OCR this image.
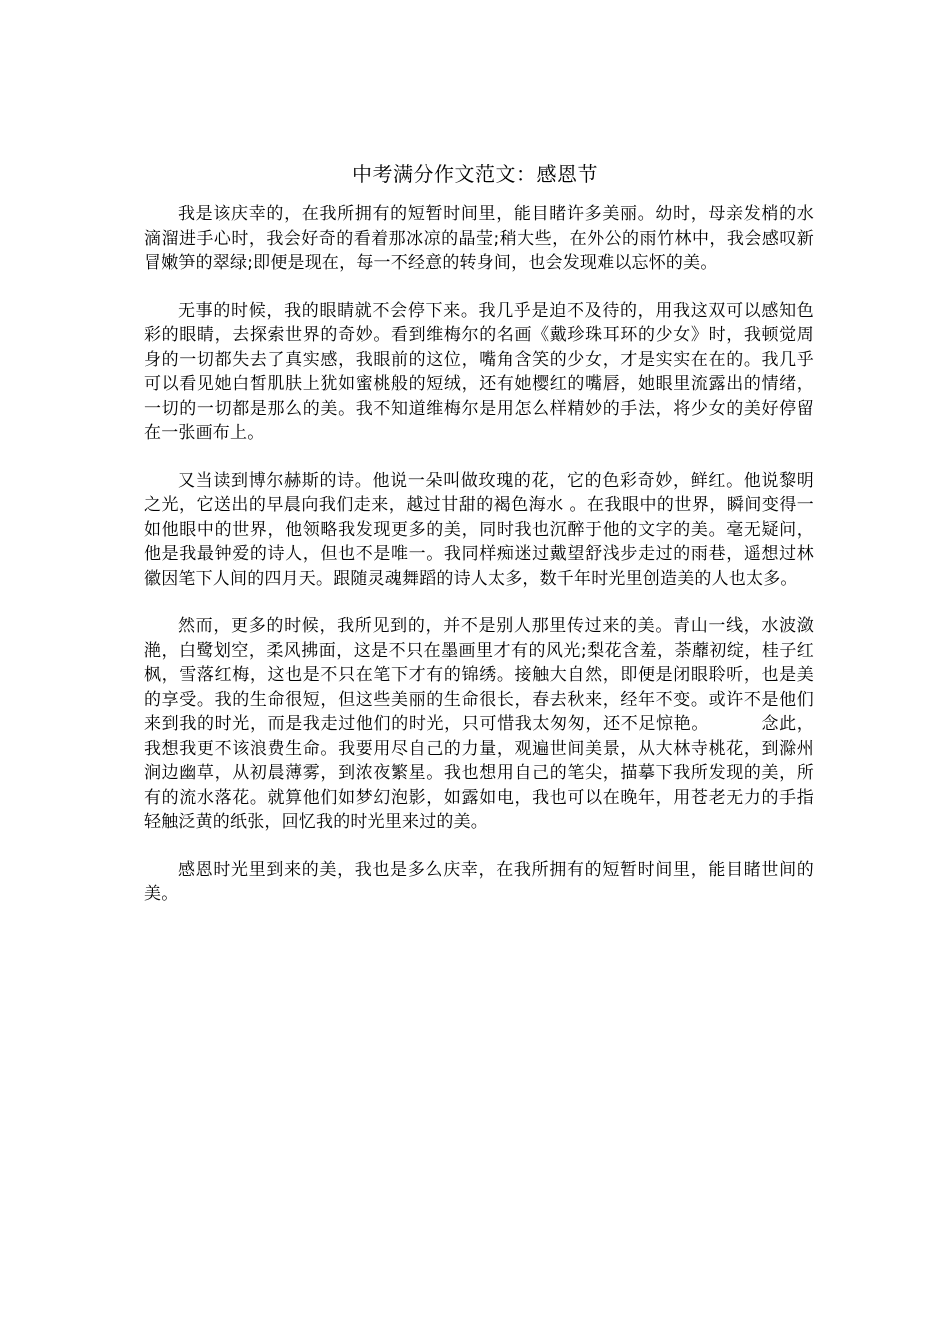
中考满分作文范文：感恩节

我是该庆幸的，在我所拥有的短暂时间里，能目睹许多美丽。幼时，母亲发梢的水滴溜进手心时，我会好奇的看着那冰凉的晶莹;稍大些，在外公的雨竹林中，我会感叹新冒嫩笋的翠绿;即便是现在，每一不经意的转身间，也会发现难以忘怀的美。

无事的时候，我的眼睛就不会停下来。我几乎是迫不及待的，用我这双可以感知色彩的眼睛，去探索世界的奇妙。看到维梅尔的名画《戴珍珠耳环的少女》时，我顿觉周身的一切都失去了真实感，我眼前的这位，嘴角含笑的少女，才是实实在在的。我几乎可以看见她白皙肌肤上犹如蜜桃般的短绒，还有她樱红的嘴唇，她眼里流露出的情绪，一切的一切都是那么的美。我不知道维梅尔是用怎么样精妙的手法，将少女的美好停留在一张画布上。

又当读到博尔赫斯的诗。他说一朵叫做玫瑰的花，它的色彩奇妙，鲜红。他说黎明之光，它送出的早晨向我们走来，越过甘甜的褐色海水 。在我眼中的世界，瞬间变得一如他眼中的世界，他领略我发现更多的美，同时我也沉醉于他的文字的美。毫无疑问，他是我最钟爱的诗人，但也不是唯一。我同样痴迷过戴望舒浅步走过的雨巷，遥想过林徽因笔下人间的四月天。跟随灵魂舞蹈的诗人太多，数千年时光里创造美的人也太多。

然而，更多的时候，我所见到的，并不是别人那里传过来的美。青山一线，水波潋滟，白鹭划空，柔风拂面，这是不只在墨画里才有的风光;梨花含羞，荼蘼初绽，桂子红枫，雪落红梅，这也是不只在笔下才有的锦绣。接触大自然，即便是闭眼聆听，也是美的享受。我的生命很短，但这些美丽的生命很长，春去秋来，经年不变。或许不是他们来到我的时光，而是我走过他们的时光，只可惜我太匆匆，还不足惊艳。	念此，我想我更不该浪费生命。我要用尽自己的力量，观遍世间美景，从大林寺桃花，到滁州涧边幽草，从初晨薄雾，到浓夜繁星。我也想用自己的笔尖，描摹下我所发现的美，所有的流水落花。就算他们如梦幻泡影，如露如电，我也可以在晚年，用苍老无力的手指轻触泛黄的纸张，回忆我的时光里来过的美。

感恩时光里到来的美，我也是多么庆幸，在我所拥有的短暂时间里，能目睹世间的美。
